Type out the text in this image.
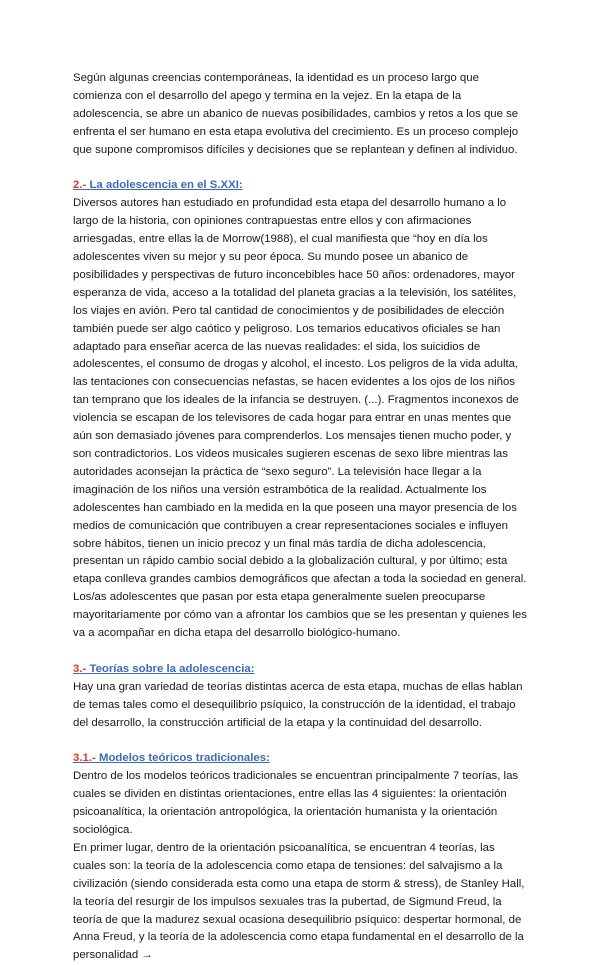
Según algunas creencias contemporáneas, la identidad es un proceso largo que comienza con el desarrollo del apego y termina en la vejez. En la etapa de la adolescencia, se abre un abanico de nuevas posibilidades, cambios y retos a los que se enfrenta el ser humano en esta etapa evolutiva del crecimiento. Es un proceso complejo que supone compromisos difíciles y decisiones que se replantean y definen al individuo.

2.- La adolescencia en el S.XXI:

Diversos autores han estudiado en profundidad esta etapa del desarrollo humano a lo largo de la historia, con opiniones contrapuestas entre ellos y con afirmaciones arriesgadas, entre ellas la de Morrow(1988), el cual manifiesta que “hoy en día los adolescentes viven su mejor y su peor época. Su mundo posee un abanico de posibilidades y perspectivas de futuro inconcebibles hace 50 años: ordenadores, mayor esperanza de vida, acceso a la totalidad del planeta gracias a la televisión, los satélites, los viajes en avión. Pero tal cantidad de conocimientos y de posibilidades de elección también puede ser algo caótico y peligroso. Los temarios educativos oficiales se han adaptado para enseñar acerca de las nuevas realidades: el sida, los suicidios de adolescentes, el consumo de drogas y alcohol, el incesto. Los peligros de la vida adulta, las tentaciones con consecuencias nefastas, se hacen evidentes a los ojos de los niños tan temprano que los ideales de la infancia se destruyen. (...). Fragmentos inconexos de violencia se escapan de los televisores de cada hogar para entrar en unas mentes que aún son demasiado jóvenes para comprenderlos. Los mensajes tienen mucho poder, y son contradictorios. Los videos musicales sugieren escenas de sexo libre mientras las autoridades aconsejan la práctica de “sexo seguro”. La televisión hace llegar a la imaginación de los niños una versión estrambótica de la realidad. Actualmente los adolescentes han cambiado en la medida en la que poseen una mayor presencia de los medios de comunicación que contribuyen a crear representaciones sociales e influyen sobre hábitos, tienen un inicio precoz y un final más tardía de dicha adolescencia, presentan un rápido cambio social debido a la globalización cultural, y por último; esta etapa conlleva grandes cambios demográficos que afectan a toda la sociedad en general. Los/as adolescentes que pasan por esta etapa generalmente suelen preocuparse mayoritariamente por cómo van a afrontar los cambios que se les presentan y quienes les va a acompañar en dicha etapa del desarrollo biológico-humano.

3.- Teorías sobre la adolescencia:

Hay una gran variedad de teorías distintas acerca de esta etapa, muchas de ellas hablan de temas tales como el desequilibrio psíquico, la construcción de la identidad, el trabajo del desarrollo, la construcción artificial de la etapa y la continuidad del desarrollo.

3.1.- Modelos teóricos tradicionales:

Dentro de los modelos teóricos tradicionales se encuentran principalmente 7 teorías, las cuales se dividen en distintas orientaciones, entre ellas las 4 siguientes: la orientación psicoanalítica, la orientación antropológica, la orientación humanista y la orientación sociológica.

En primer lugar, dentro de la orientación psicoanalítica, se encuentran 4 teorías, las cuales son: la teoría de la adolescencia como etapa de tensiones: del salvajismo a la civilización (siendo considerada esta como una etapa de storm & stress), de Stanley Hall, la teoría del resurgir de los impulsos sexuales tras la pubertad, de Sigmund Freud, la teoría de que la madurez sexual ocasiona desequilibrio psíquico: despertar hormonal, de Anna Freud, y la teoría de la adolescencia como etapa fundamental en el desarrollo de la personalidad →
